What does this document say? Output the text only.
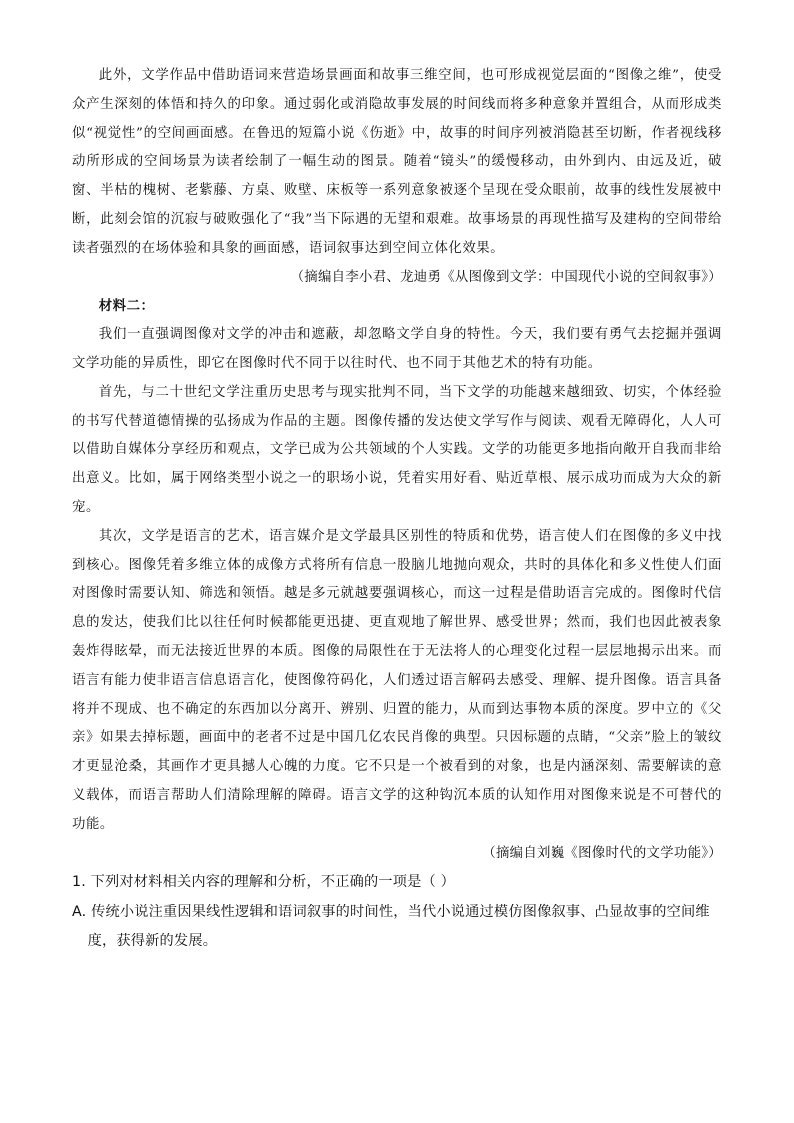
此外，文学作品中借助语词来营造场景画面和故事三维空间，也可形成视觉层面的“图像之维”，使受众产生深刻的体悟和持久的印象。通过弱化或消隐故事发展的时间线而将多种意象并置组合，从而形成类似“视觉性”的空间画面感。在鲁迅的短篇小说《伤逝》中，故事的时间序列被消隐甚至切断，作者视线移动所形成的空间场景为读者绘制了一幅生动的图景。随着“镜头”的缓慢移动，由外到内、由远及近，破窗、半枯的槐树、老紫藤、方桌、败壁、床板等一系列意象被逐个呈现在受众眼前，故事的线性发展被中断，此刻会馆的沉寂与破败强化了“我”当下际遇的无望和艰难。故事场景的再现性描写及建构的空间带给读者强烈的在场体验和具象的画面感，语词叙事达到空间立体化效果。

（摘编自李小君、龙迪勇《从图像到文学：中国现代小说的空间叙事》）

材料二：

我们一直强调图像对文学的冲击和遮蔽，却忽略文学自身的特性。今天，我们要有勇气去挖掘并强调文学功能的异质性，即它在图像时代不同于以往时代、也不同于其他艺术的特有功能。

首先，与二十世纪文学注重历史思考与现实批判不同，当下文学的功能越来越细致、切实，个体经验的书写代替道德情操的弘扬成为作品的主题。图像传播的发达使文学写作与阅读、观看无障碍化，人人可以借助自媒体分享经历和观点，文学已成为公共领域的个人实践。文学的功能更多地指向敞开自我而非给出意义。比如，属于网络类型小说之一的职场小说，凭着实用好看、贴近草根、展示成功而成为大众的新宠。

其次，文学是语言的艺术，语言媒介是文学最具区别性的特质和优势，语言使人们在图像的多义中找到核心。图像凭着多维立体的成像方式将所有信息一股脑儿地抛向观众，共时的具体化和多义性使人们面对图像时需要认知、筛选和领悟。越是多元就越要强调核心，而这一过程是借助语言完成的。图像时代信息的发达，使我们比以往任何时候都能更迅捷、更直观地了解世界、感受世界；然而，我们也因此被表象轰炸得眩晕，而无法接近世界的本质。图像的局限性在于无法将人的心理变化过程一层层地揭示出来。而语言有能力使非语言信息语言化，使图像符码化，人们透过语言解码去感受、理解、提升图像。语言具备将并不现成、也不确定的东西加以分离开、辨别、归置的能力，从而到达事物本质的深度。罗中立的《父亲》如果去掉标题，画面中的老者不过是中国几亿农民肖像的典型。只因标题的点睛，“父亲”脸上的皱纹才更显沧桑，其画作才更具撼人心魄的力度。它不只是一个被看到的对象，也是内涵深刻、需要解读的意义载体，而语言帮助人们清除理解的障碍。语言文学的这种钩沉本质的认知作用对图像来说是不可替代的功能。

（摘编自刘巍《图像时代的文学功能》）

1. 下列对材料相关内容的理解和分析，不正确的一项是（ ）

A. 传统小说注重因果线性逻辑和语词叙事的时间性，当代小说通过模仿图像叙事、凸显故事的空间维度，获得新的发展。
